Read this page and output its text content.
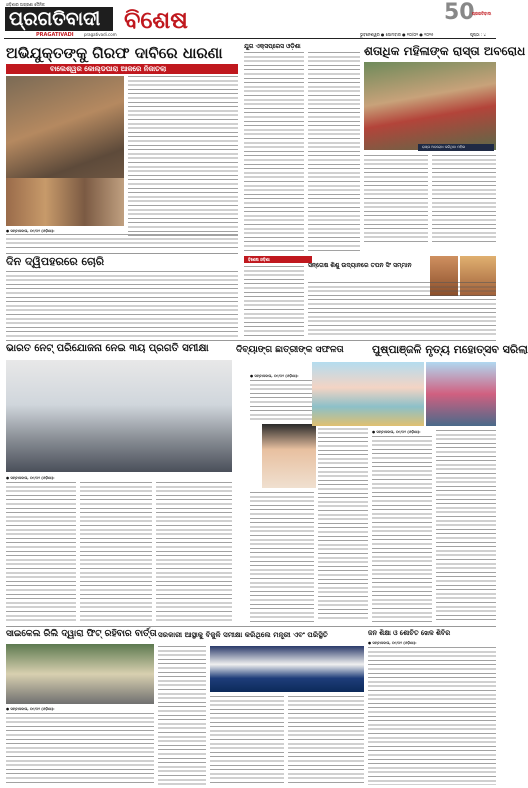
ଓଡ଼ିଶାର ଅଗ୍ରଣୀ ଦୈନିକ
ପ୍ରଗତିବାଦୀ
PRAGATIVADI	pragativadi.com
ବିଶେଷ	50
ପ୍ରଗତିବାଦୀ
ଭୁବନେଶ୍ୱର ● ସୋମବାର ● ୧୦/୦୨ ● ୨୦୨୫	ପୃଷ୍ଠା : ୪
ଅଭିଯୁକ୍ତଙ୍କୁ ଗିରଫ ଦାବିରେ ଧାରଣା
ବାଲେଶ୍ୱର କୋଲ୍‌ଡପାରା ଆକରେ ନିଜାତଲା
● ସମ୍ବାଦଦାତା, ୦୯/୦୨ (ଓଡ଼ିଶା):
ଯୁଗ ଏକ୍ସପ୍ରେସ ଓଡ଼ିଶା	ଶତାଧିକ ମହିଳାଙ୍କ ରାସ୍ତା ଅବରୋଧ
ରାସ୍ତା ଅବରୋଧ କରିଥିବା ମହିଳା
ଦିନ ଦ୍ୱିପହରରେ ଚୋରି	ବିଶେଷ ଓଡ଼ିଶା
ସନ୍ତୋଷ ଶିଶୁ ଉଦ୍ୟାନରେ ତପନ ସିଂ ସମ୍ମାନ
ଭାରତ ନେଟ୍ ପରିଯୋଜନା ନେଇ ୩ୟ ପ୍ରଗତି ସମୀକ୍ଷା
● ସମ୍ବାଦଦାତା, ୦୯/୦୨ (ଓଡ଼ିଶା):
ଦିବ୍ୟାଙ୍ଗ ଛାତ୍ରୀଙ୍କ ସଫଳତା
● ସମ୍ବାଦଦାତା, ୦୯/୦୨ (ଓଡ଼ିଶା):
ପୁଷ୍ପାଞ୍ଜଳି ନୃତ୍ୟ ମହୋତ୍ସବ ସରିଲା
● ସମ୍ବାଦଦାତା, ୦୯/୦୨ (ଓଡ଼ିଶା):
ସାଇକେଲ ରିଲି ଦ୍ୱାରା ଫିଟ୍ ରହିବାର ବାର୍ତ୍ତା
● ସମ୍ବାଦଦାତା, ୦୯/୦୨ (ଓଡ଼ିଶା):
ସରକାରୀ ଆସ୍ଥାକୁ ବିଜୁଳି ସମୀକ୍ଷା କରିଥିଲେ ମନ୍ତ୍ରୀ ଏବଂ ପରିସ୍ଥିତି	ଜନ ଶିକ୍ଷା ଓ ଶୋଚିତ ଖେଳ ଶିବିର
● ସମ୍ବାଦଦାତା, ୦୯/୦୨ (ଓଡ଼ିଶା):
